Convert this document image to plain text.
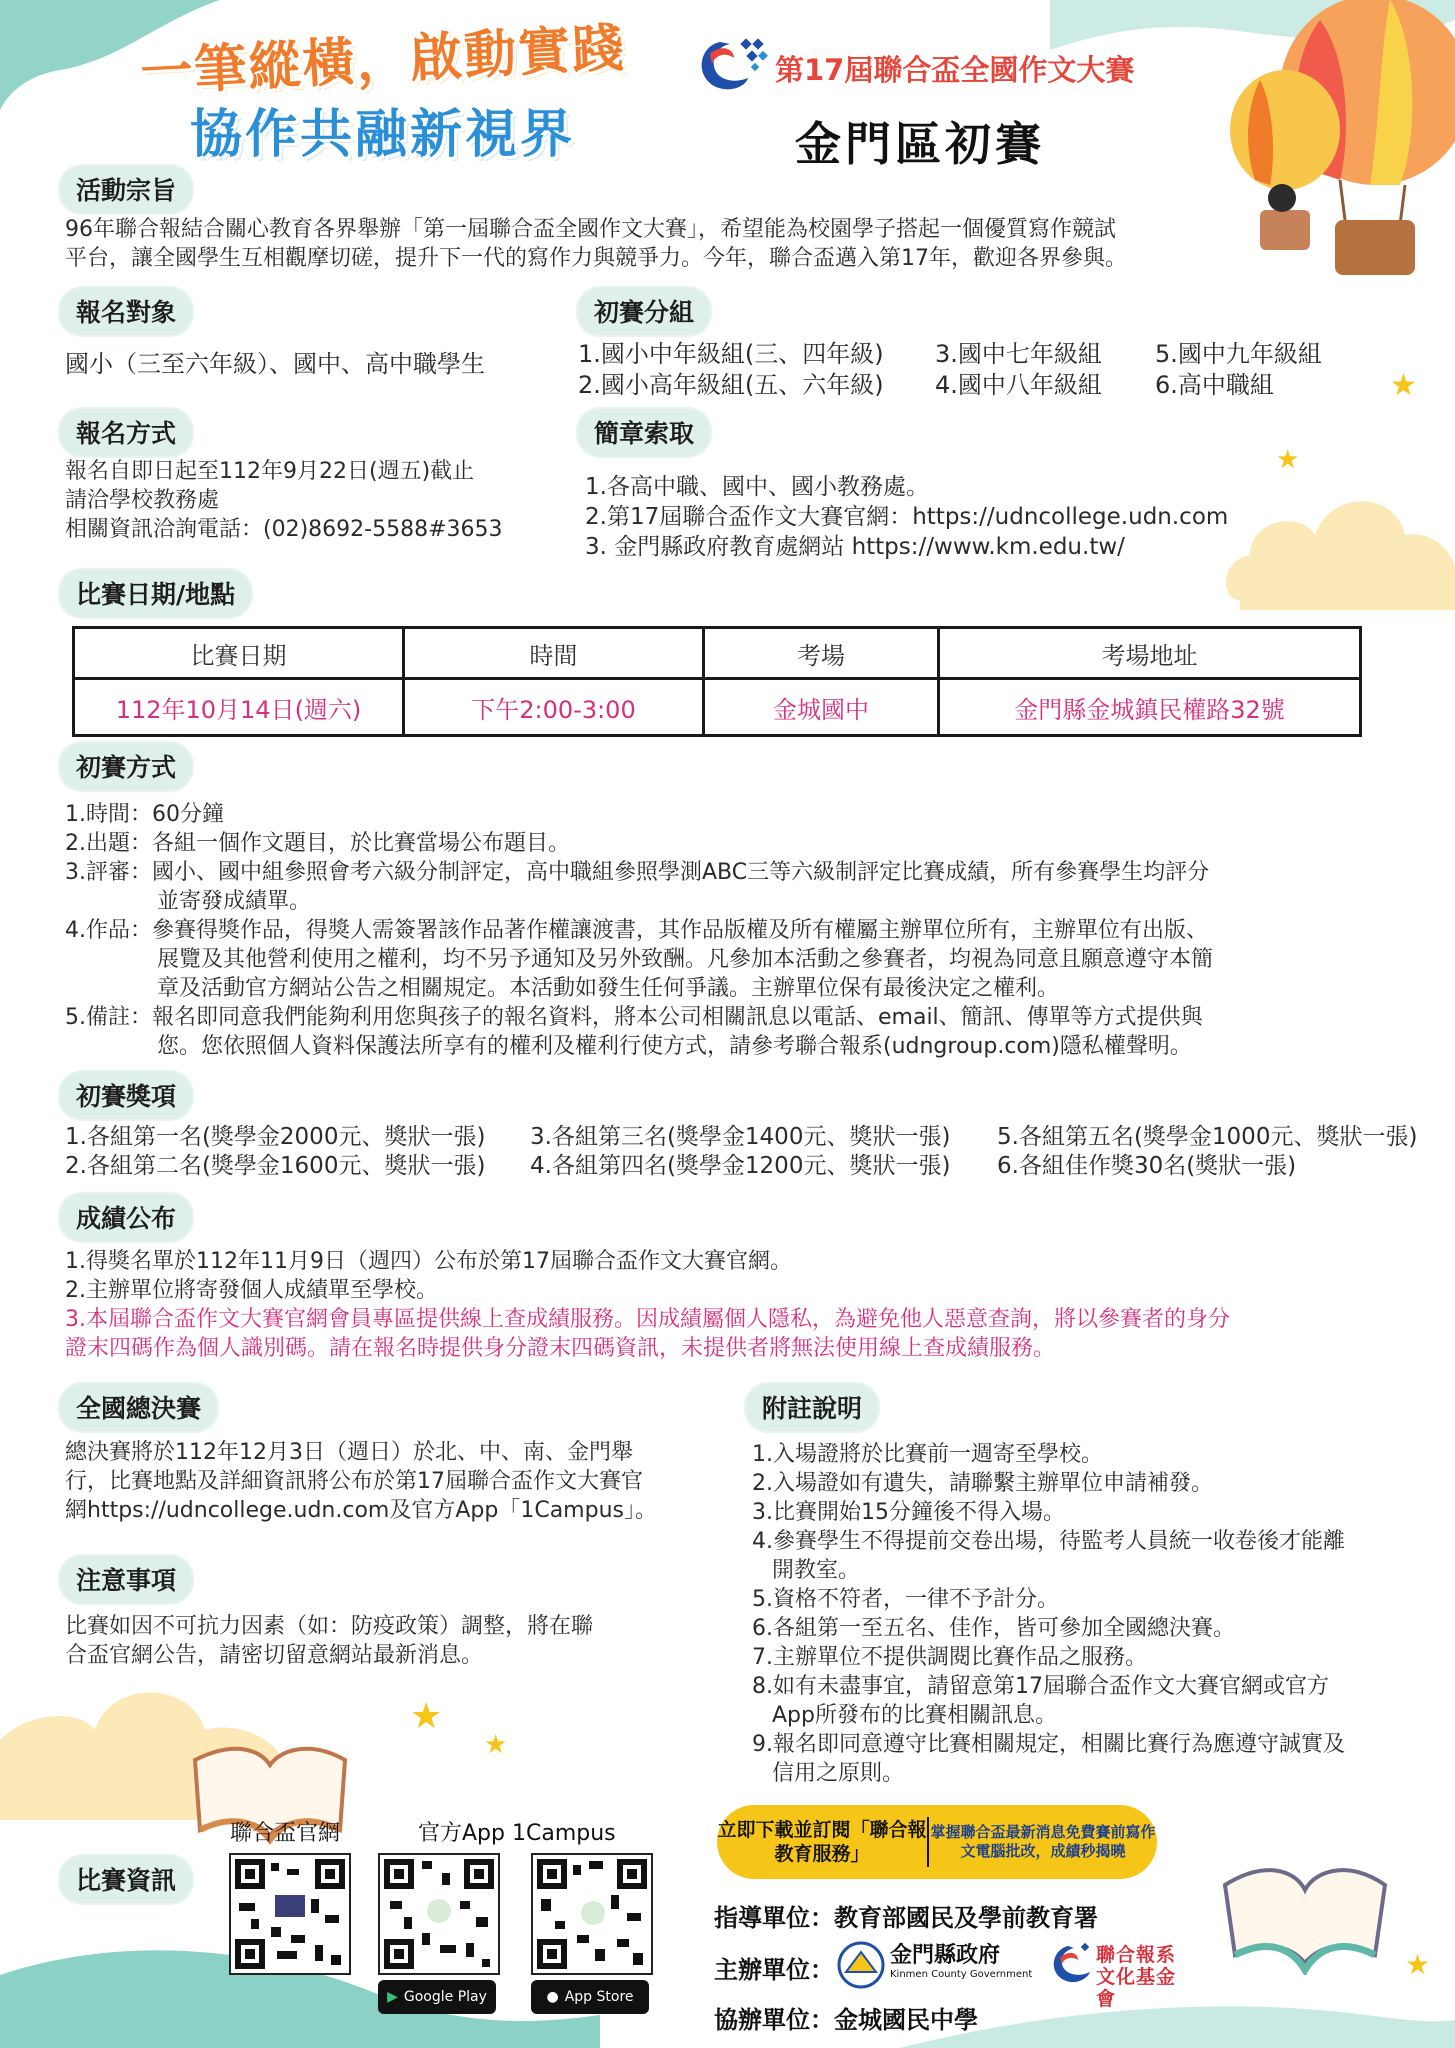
★
★
★
★
★
一筆縱橫，啟動實踐
協作共融新視界
第17屆聯合盃全國作文大賽
金門區初賽
活動宗旨
96年聯合報結合關心教育各界舉辦「第一屆聯合盃全國作文大賽」，希望能為校園學子搭起一個優質寫作競試
平台，讓全國學生互相觀摩切磋，提升下一代的寫作力與競爭力。今年，聯合盃邁入第17年，歡迎各界參與。
報名對象
國小（三至六年級）、國中、高中職學生
初賽分組
1.國小中年級組(三、四年級)
2.國小高年級組(五、六年級)
3.國中七年級組
4.國中八年級組
5.國中九年級組
6.高中職組
報名方式
報名自即日起至112年9月22日(週五)截止
請洽學校教務處
相關資訊洽詢電話：(02)8692-5588#3653
簡章索取
1.各高中職、國中、國小教務處。
2.第17屆聯合盃作文大賽官網：https://udncollege.udn.com
3. 金門縣政府教育處網站 https://www.km.edu.tw/
比賽日期/地點
比賽日期	時間	考場	考場地址
112年10月14日(週六)	下午2:00-3:00	金城國中	金門縣金城鎮民權路32號
初賽方式
1.時間：60分鐘
2.出題：各組一個作文題目，於比賽當場公布題目。
3.評審：國小、國中組參照會考六級分制評定，高中職組參照學測ABC三等六級制評定比賽成績，所有參賽學生均評分
並寄發成績單。
4.作品：參賽得獎作品，得獎人需簽署該作品著作權讓渡書，其作品版權及所有權屬主辦單位所有，主辦單位有出版、
展覽及其他營利使用之權利，均不另予通知及另外致酬。凡參加本活動之參賽者，均視為同意且願意遵守本簡
章及活動官方網站公告之相關規定。本活動如發生任何爭議。主辦單位保有最後決定之權利。
5.備註：報名即同意我們能夠利用您與孩子的報名資料，將本公司相關訊息以電話、email、簡訊、傳單等方式提供與
您。您依照個人資料保護法所享有的權利及權利行使方式，請參考聯合報系(udngroup.com)隱私權聲明。
初賽獎項
1.各組第一名(獎學金2000元、獎狀一張)
2.各組第二名(獎學金1600元、獎狀一張)
3.各組第三名(獎學金1400元、獎狀一張)
4.各組第四名(獎學金1200元、獎狀一張)
5.各組第五名(獎學金1000元、獎狀一張)
6.各組佳作獎30名(獎狀一張)
成績公布
1.得獎名單於112年11月9日（週四）公布於第17屆聯合盃作文大賽官網。
2.主辦單位將寄發個人成績單至學校。
3.本屆聯合盃作文大賽官網會員專區提供線上查成績服務。因成績屬個人隱私，為避免他人惡意查詢，將以參賽者的身分
證末四碼作為個人識別碼。請在報名時提供身分證末四碼資訊，未提供者將無法使用線上查成績服務。
全國總決賽
總決賽將於112年12月3日（週日）於北、中、南、金門舉
行，比賽地點及詳細資訊將公布於第17屆聯合盃作文大賽官
網https://udncollege.udn.com及官方App「1Campus」。
注意事項
比賽如因不可抗力因素（如：防疫政策）調整，將在聯
合盃官網公告，請密切留意網站最新消息。
附註說明
1.入場證將於比賽前一週寄至學校。
2.入場證如有遺失，請聯繫主辦單位申請補發。
3.比賽開始15分鐘後不得入場。
4.參賽學生不得提前交卷出場，待監考人員統一收卷後才能離
開教室。
5.資格不符者，一律不予計分。
6.各組第一至五名、佳作，皆可參加全國總決賽。
7.主辦單位不提供調閱比賽作品之服務。
8.如有未盡事宜，請留意第17屆聯合盃作文大賽官網或官方
App所發布的比賽相關訊息。
9.報名即同意遵守比賽相關規定，相關比賽行為應遵守誠實及
信用之原則。
比賽資訊
聯合盃官網	官方App 1Campus
▶ Google Play	● App Store
立即下載並訂閱「聯合報教育服務」
掌握聯合盃最新消息免費賽前寫作文電腦批改，成績秒揭曉
指導單位：教育部國民及學前教育署
主辦單位：
金門縣政府
Kinmen County Government
聯合報系文化基金會
協辦單位：金城國民中學
